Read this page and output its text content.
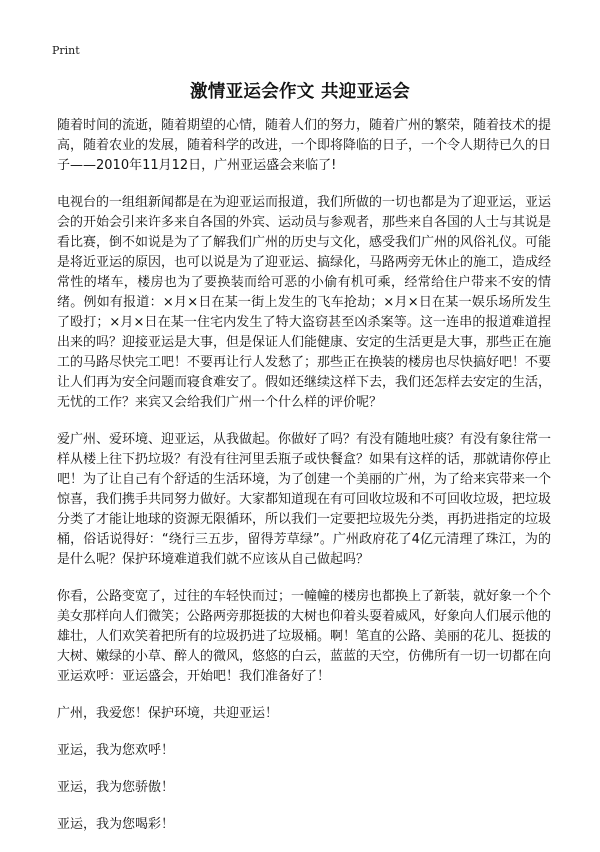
Print
激情亚运会作文 共迎亚运会

随着时间的流逝，随着期望的心情，随着人们的努力，随着广州的繁荣，随着技术的提高，随着农业的发展，随着科学的改进，一个即将降临的日子，一个令人期待已久的日子——2010年11月12日，广州亚运盛会来临了!

电视台的一组组新闻都是在为迎亚运而报道，我们所做的一切也都是为了迎亚运，亚运会的开始会引来许多来自各国的外宾、运动员与参观者，那些来自各国的人士与其说是看比赛，倒不如说是为了了解我们广州的历史与文化，感受我们广州的风俗礼仪。可能是将近亚运的原因，也可以说是为了迎亚运、搞绿化，马路两旁无休止的施工，造成经常性的堵车，楼房也为了要换装而给可恶的小偷有机可乘，经常给住户带来不安的情绪。例如有报道：×月×日在某一街上发生的飞车抢劫；×月×日在某一娱乐场所发生了殴打；×月×日在某一住宅内发生了特大盗窃甚至凶杀案等。这一连串的报道难道捏出来的吗？迎接亚运是大事，但是保证人们能健康、安定的生活更是大事，那些正在施工的马路尽快完工吧！不要再让行人发愁了；那些正在换装的楼房也尽快搞好吧！不要让人们再为安全问题而寝食难安了。假如还继续这样下去，我们还怎样去安定的生活，无忧的工作？来宾又会给我们广州一个什么样的评价呢？

爱广州、爱环境、迎亚运，从我做起。你做好了吗？有没有随地吐痰？有没有象往常一样从楼上往下扔垃圾？有没有往河里丢瓶子或快餐盒？如果有这样的话，那就请你停止吧！为了让自己有个舒适的生活环境，为了创建一个美丽的广州，为了给来宾带来一个惊喜，我们携手共同努力做好。大家都知道现在有可回收垃圾和不可回收垃圾，把垃圾分类了才能让地球的资源无限循环，所以我们一定要把垃圾先分类，再扔进指定的垃圾桶，俗话说得好：“绕行三五步，留得芳草绿”。广州政府花了4亿元清理了珠江，为的是什么呢？保护环境难道我们就不应该从自己做起吗？

你看，公路变宽了，过往的车轻快而过；一幢幢的楼房也都换上了新装，就好象一个个美女那样向人们微笑；公路两旁那挺拔的大树也仰着头耍着威风，好象向人们展示他的雄壮，人们欢笑着把所有的垃圾扔进了垃圾桶。啊！笔直的公路、美丽的花儿、挺拔的大树、嫩绿的小草、醉人的微风，悠悠的白云，蓝蓝的天空，仿佛所有一切一切都在向亚运欢呼：亚运盛会，开始吧！我们准备好了！

广州，我爱您！保护环境，共迎亚运！

亚运，我为您欢呼！

亚运，我为您骄傲！

亚运，我为您喝彩！
